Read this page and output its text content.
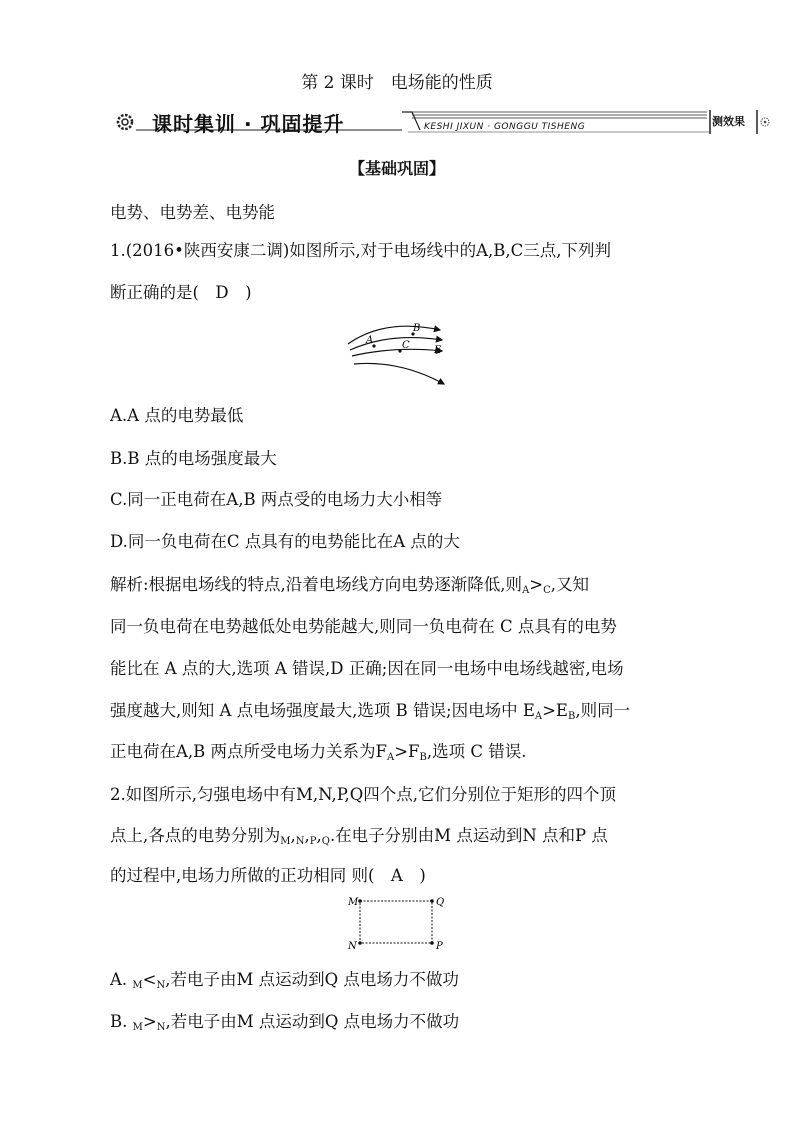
第 2 课时　电场能的性质
课时集训 · 巩固提升	KESHI JIXUN · GONGGU TISHENG	测效果
【基础巩固】
电势、电势差、电势能
1.(2016•陕西安康二调)如图所示,对于电场线中的A,B,C三点,下列判
断正确的是(　D　)
A
B
C E
A.A 点的电势最低
B.B 点的电场强度最大
C.同一正电荷在A,B 两点受的电场力大小相等
D.同一负电荷在C 点具有的电势能比在A 点的大
解析:根据电场线的特点,沿着电场线方向电势逐渐降低,则$_A>_C$,又知
同一负电荷在电势越低处电势能越大,则同一负电荷在 C 点具有的电势
能比在 A 点的大,选项 A 错误,D 正确;因在同一电场中电场线越密,电场
强度越大,则知 A 点电场强度最大,选项 B 错误;因电场中 $E_A>E_B$,则同一
正电荷在A,B 两点所受电场力关系为$F_A>F_B$,选项 C 错误.
2.如图所示,匀强电场中有M,N,P,Q四个点,它们分别位于矩形的四个顶
点上,各点的电势分别为$_M,_N,_P,_Q$.在电子分别由M 点运动到N 点和P 点
的过程中,电场力所做的正功相同 则(　A　)
M	Q
N	P
A. $_M<_N$,若电子由M 点运动到Q 点电场力不做功
B. $_M>_N$,若电子由M 点运动到Q 点电场力不做功
